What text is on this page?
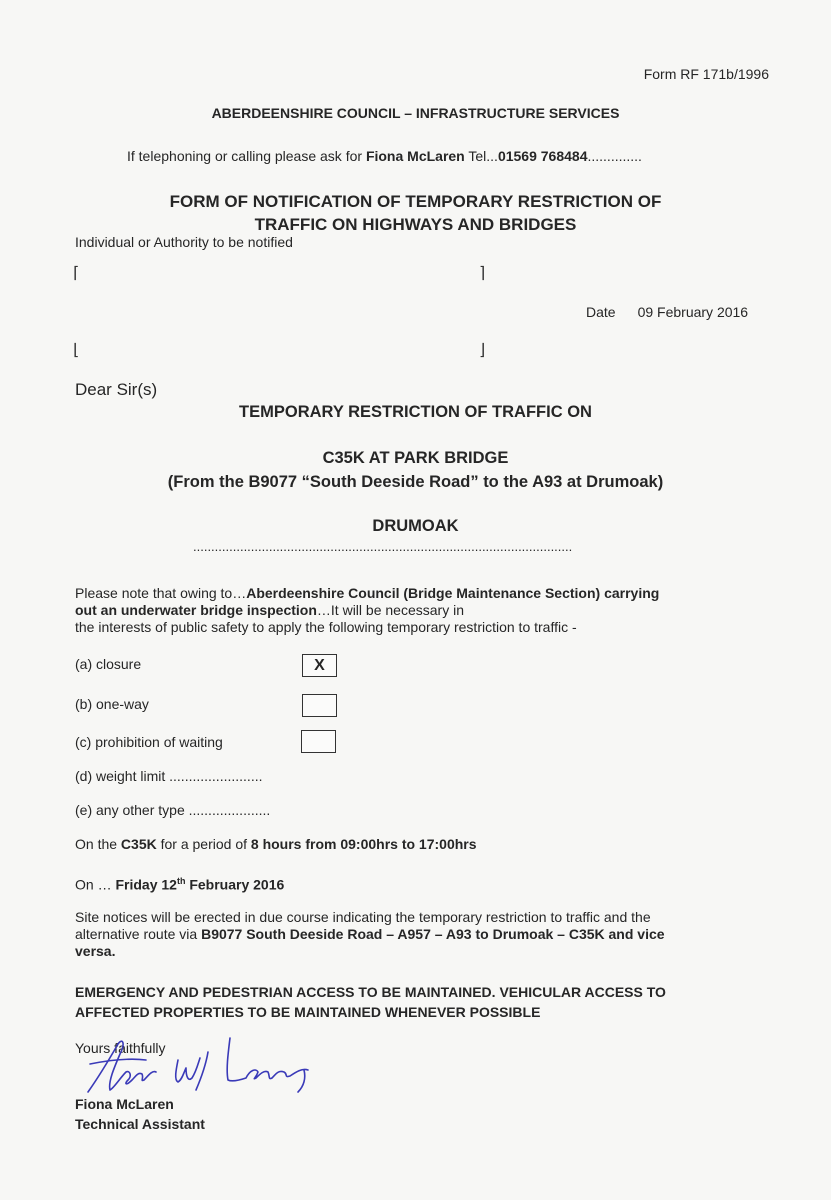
Form RF 171b/1996
ABERDEENSHIRE COUNCIL – INFRASTRUCTURE SERVICES
If telephoning or calling please ask for Fiona McLaren Tel...01569 768484..............
FORM OF NOTIFICATION OF TEMPORARY RESTRICTION OF
TRAFFIC ON HIGHWAYS AND BRIDGES
Individual or Authority to be notified
⌈	⌉
⌊	⌋
Date 09 February 2016
Dear Sir(s)
TEMPORARY RESTRICTION OF TRAFFIC ON
C35K AT PARK BRIDGE
(From the B9077 “South Deeside Road” to the A93 at Drumoak)
DRUMOAK
.........................................................................................................
Please note that owing to…Aberdeenshire Council (Bridge Maintenance Section) carrying
out an underwater bridge inspection…It will be necessary in
the interests of public safety to apply the following temporary restriction to traffic -
(a) closure	X
(b) one-way
(c) prohibition of waiting
(d) weight limit ........................
(e) any other type .....................
On the C35K for a period of 8 hours from 09:00hrs to 17:00hrs
On … Friday 12th February 2016
Site notices will be erected in due course indicating the temporary restriction to traffic and the
alternative route via B9077 South Deeside Road – A957 – A93 to Drumoak – C35K and vice
versa.
EMERGENCY AND PEDESTRIAN ACCESS TO BE MAINTAINED. VEHICULAR ACCESS TO
AFFECTED PROPERTIES TO BE MAINTAINED WHENEVER POSSIBLE
Yours faithfully
Fiona McLaren
Technical Assistant
